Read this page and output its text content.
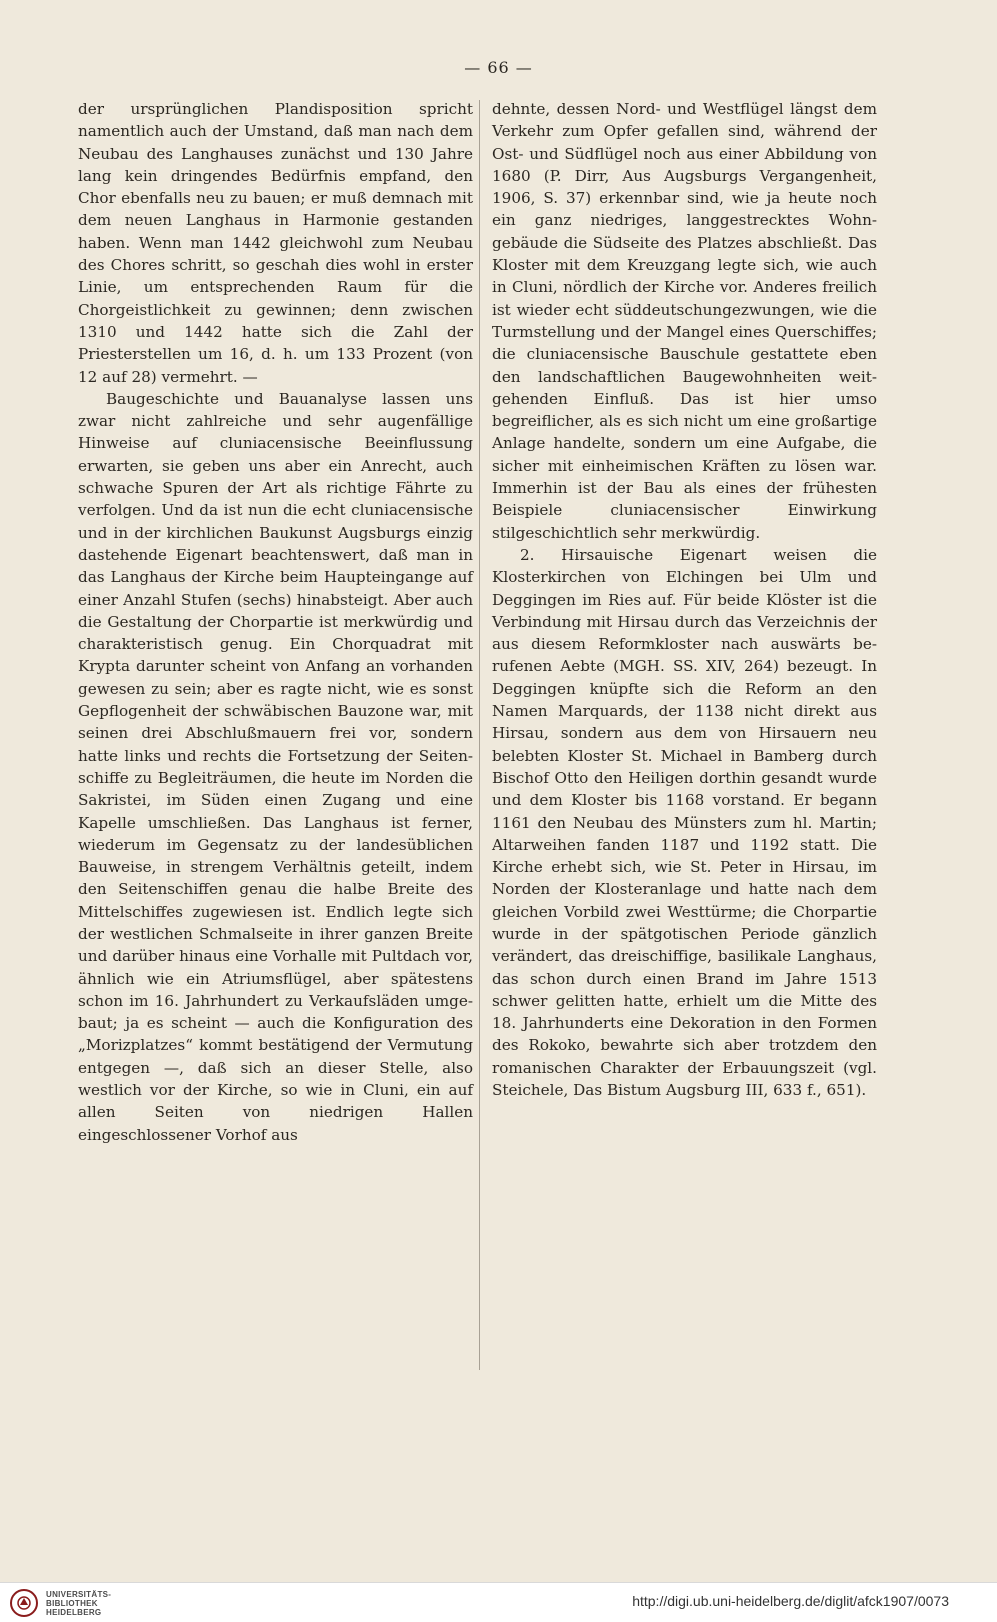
— 66 —

der ursprünglichen Plandisposition spricht namentlich auch der Umstand, daß man nach dem Neubau des Langhauses zunächst und 130 Jahre lang kein dringendes Bedürfnis empfand, den Chor ebenfalls neu zu bauen; er muß demnach mit dem neuen Langhaus in Harmonie gestanden haben. Wenn man 1442 gleichwohl zum Neubau des Chores schritt, so geschah dies wohl in erster Linie, um entsprechenden Raum für die Chorgeistlichkeit zu gewinnen; denn zwischen 1310 und 1442 hatte sich die Zahl der Priesterstellen um 16, d. h. um 133 Prozent (von 12 auf 28) vermehrt. —

Baugeschichte und Bauanalyse lassen uns zwar nicht zahlreiche und sehr augenfällige Hinweise auf cluniacensische Beeinflussung erwarten, sie geben uns aber ein Anrecht, auch schwache Spuren der Art als richtige Fährte zu verfolgen. Und da ist nun die echt cluniacensische und in der kirchlichen Baukunst Augsburgs einzig dastehende Eigenart beachtenswert, daß man in das Langhaus der Kirche beim Haupteingange auf einer Anzahl Stufen (sechs) hinabsteigt. Aber auch die Gestaltung der Chorpartie ist merkwürdig und charakteristisch genug. Ein Chorquadrat mit Krypta darunter scheint von Anfang an vorhanden gewesen zu sein; aber es ragte nicht, wie es sonst Gepflogenheit der schwäbischen Bauzone war, mit seinen drei Abschlußmauern frei vor, sondern hatte links und rechts die Fortsetzung der Seitenschiffe zu Begleiträumen, die heute im Norden die Sakristei, im Süden einen Zugang und eine Kapelle umschließen. Das Langhaus ist ferner, wiederum im Gegensatz zu der landesüblichen Bauweise, in strengem Verhältnis geteilt, indem den Seitenschiffen genau die halbe Breite des Mittelschiffes zugewiesen ist. Endlich legte sich der westlichen Schmalseite in ihrer ganzen Breite und darüber hinaus eine Vorhalle mit Pultdach vor, ähnlich wie ein Atriumsflügel, aber spätestens schon im 16. Jahrhundert zu Verkaufsläden umgebaut; ja es scheint — auch die Konfiguration des „Morizplatzes“ kommt bestätigend der Vermutung entgegen —, daß sich an dieser Stelle, also westlich vor der Kirche, so wie in Cluni, ein auf allen Seiten von niedrigen Hallen eingeschlossener Vorhof aus

dehnte, dessen Nord- und Westflügel längst dem Verkehr zum Opfer gefallen sind, während der Ost- und Südflügel noch aus einer Abbildung von 1680 (P. Dirr, Aus Augsburgs Vergangenheit, 1906, S. 37) erkennbar sind, wie ja heute noch ein ganz niedriges, langgestrecktes Wohngebäude die Südseite des Platzes abschließt. Das Kloster mit dem Kreuzgang legte sich, wie auch in Cluni, nördlich der Kirche vor. Anderes freilich ist wieder echt süddeutschungezwungen, wie die Turmstellung und der Mangel eines Querschiffes; die cluniacensische Bauschule gestattete eben den landschaftlichen Baugewohnheiten weitgehenden Einfluß. Das ist hier umso begreiflicher, als es sich nicht um eine großartige Anlage handelte, sondern um eine Aufgabe, die sicher mit einheimischen Kräften zu lösen war. Immerhin ist der Bau als eines der frühesten Beispiele cluniacensischer Einwirkung stilgeschichtlich sehr merkwürdig.

2. Hirsauische Eigenart weisen die Klosterkirchen von Elchingen bei Ulm und Deggingen im Ries auf. Für beide Klöster ist die Verbindung mit Hirsau durch das Verzeichnis der aus diesem Reformkloster nach auswärts berufenen Aebte (MGH. SS. XIV, 264) bezeugt. In Deggingen knüpfte sich die Reform an den Namen Marquards, der 1138 nicht direkt aus Hirsau, sondern aus dem von Hirsauern neu belebten Kloster St. Michael in Bamberg durch Bischof Otto den Heiligen dorthin gesandt wurde und dem Kloster bis 1168 vorstand. Er begann 1161 den Neubau des Münsters zum hl. Martin; Altarweihen fanden 1187 und 1192 statt. Die Kirche erhebt sich, wie St. Peter in Hirsau, im Norden der Klosteranlage und hatte nach dem gleichen Vorbild zwei Westtürme; die Chorpartie wurde in der spätgotischen Periode gänzlich verändert, das dreischiffige, basilikale Langhaus, das schon durch einen Brand im Jahre 1513 schwer gelitten hatte, erhielt um die Mitte des 18. Jahrhunderts eine Dekoration in den Formen des Rokoko, bewahrte sich aber trotzdem den romanischen Charakter der Erbauungszeit (vgl. Steichele, Das Bistum Augsburg III, 633 f., 651).

UNIVERSITÄTS-
BIBLIOTHEK
HEIDELBERG
http://digi.ub.uni-heidelberg.de/diglit/afck1907/0073
